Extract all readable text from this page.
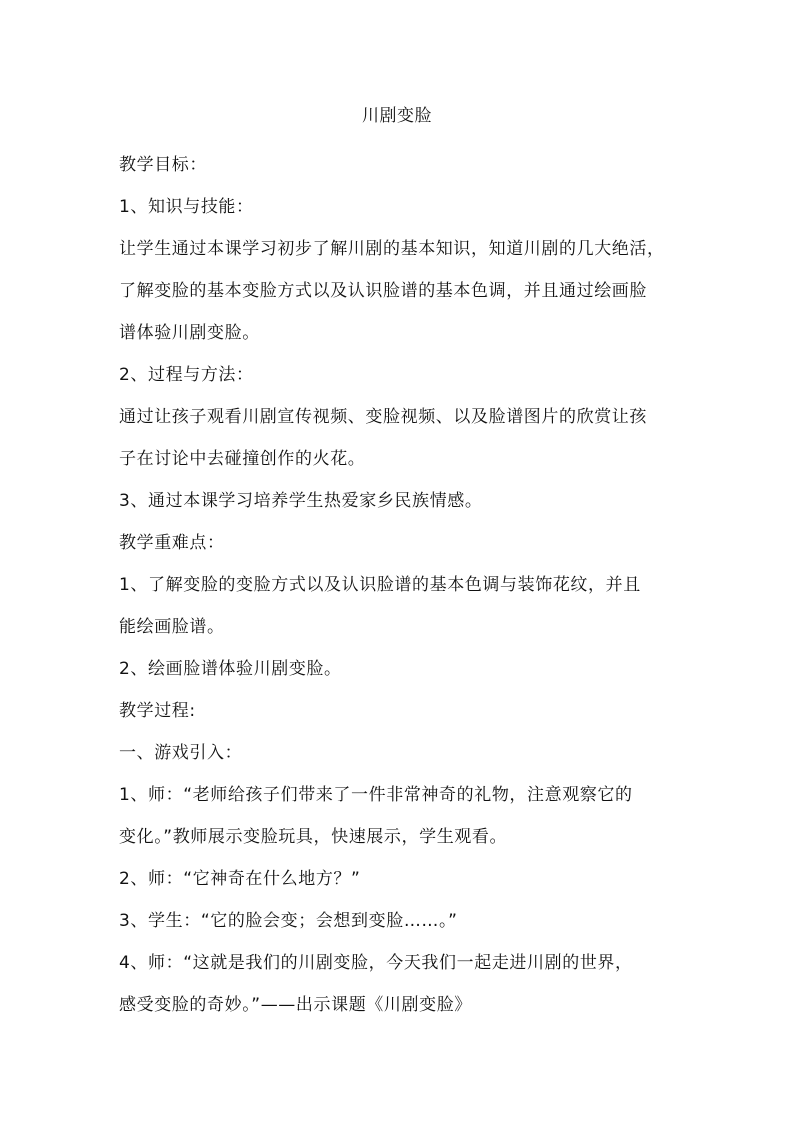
川剧变脸
教学目标：
1、知识与技能：
让学生通过本课学习初步了解川剧的基本知识，知道川剧的几大绝活，
了解变脸的基本变脸方式以及认识脸谱的基本色调，并且通过绘画脸
谱体验川剧变脸。
2、过程与方法：
通过让孩子观看川剧宣传视频、变脸视频、以及脸谱图片的欣赏让孩
子在讨论中去碰撞创作的火花。
3、通过本课学习培养学生热爱家乡民族情感。
教学重难点：
1、了解变脸的变脸方式以及认识脸谱的基本色调与装饰花纹，并且
能绘画脸谱。
2、绘画脸谱体验川剧变脸。
教学过程:
一、游戏引入：
1、师：“老师给孩子们带来了一件非常神奇的礼物，注意观察它的
变化。”教师展示变脸玩具，快速展示，学生观看。
2、师：“它神奇在什么地方？”
3、学生：“它的脸会变；会想到变脸……。”
4、师：“这就是我们的川剧变脸，今天我们一起走进川剧的世界，
感受变脸的奇妙。”——出示课题《川剧变脸》
